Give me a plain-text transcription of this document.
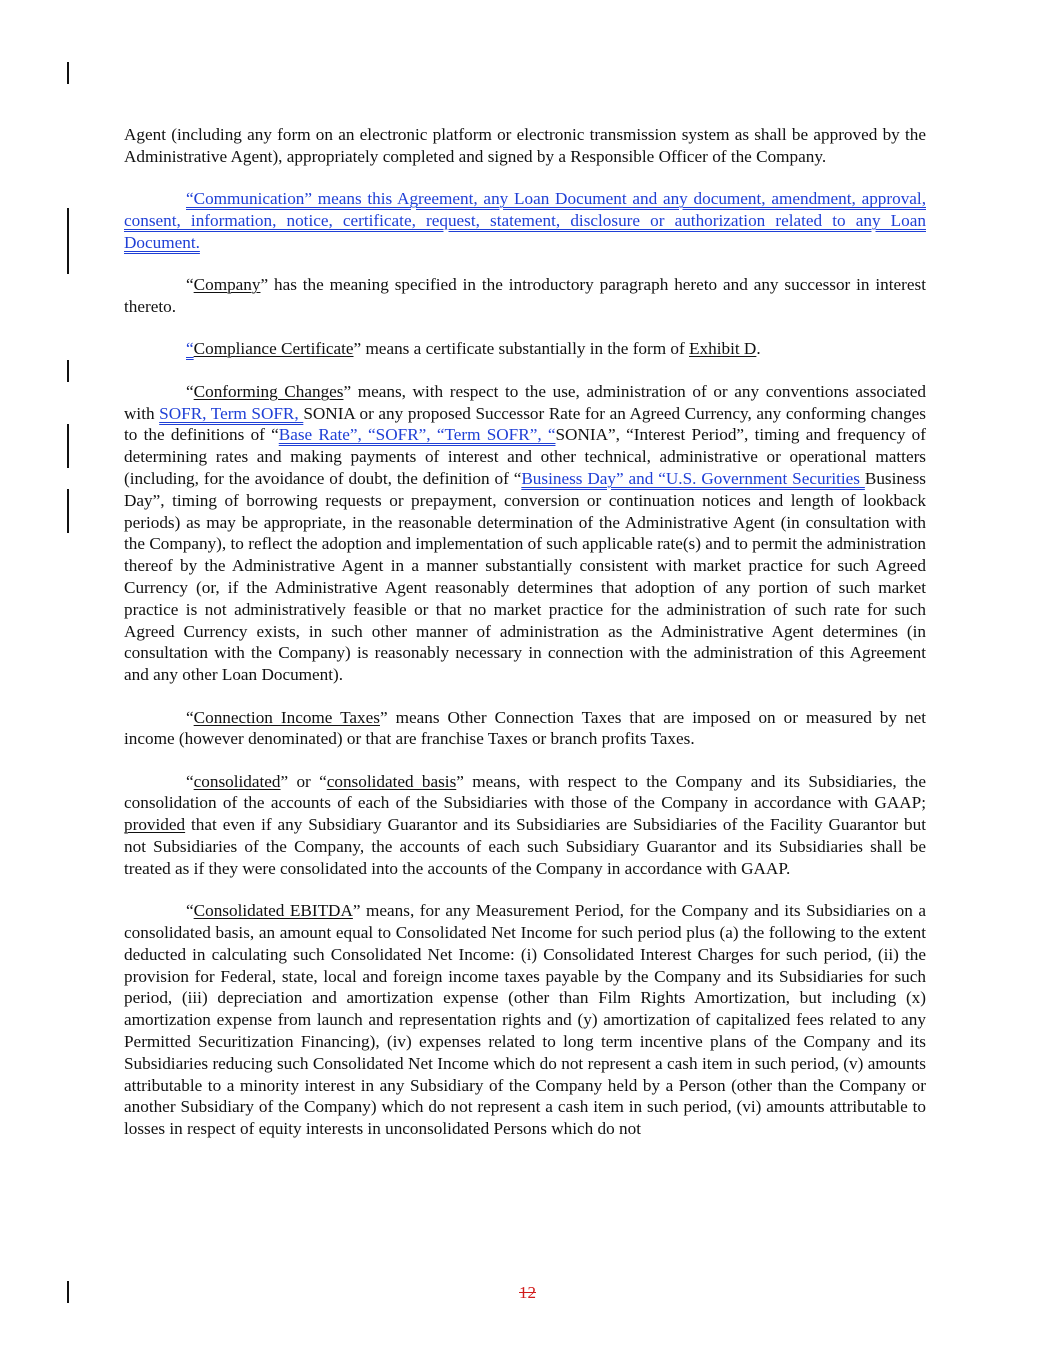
Agent (including any form on an electronic platform or electronic transmission system as shall be approved by the Administrative Agent), appropriately completed and signed by a Responsible Officer of the Company.

“Communication” means this Agreement, any Loan Document and any document, amendment, approval, consent, information, notice, certificate, request, statement, disclosure or authorization related to any Loan Document.

“Company” has the meaning specified in the introductory paragraph hereto and any successor in interest thereto.

“Compliance Certificate” means a certificate substantially in the form of Exhibit D.

“Conforming Changes” means, with respect to the use, administration of or any conventions associated with SOFR, Term SOFR, SONIA or any proposed Successor Rate for an Agreed Currency, any conforming changes to the definitions of “Base Rate”, “SOFR”, “Term SOFR”, “SONIA”, “Interest Period”, timing and frequency of determining rates and making payments of interest and other technical, administrative or operational matters (including, for the avoidance of doubt, the definition of “Business Day” and “U.S. Government Securities Business Day”, timing of borrowing requests or prepayment, conversion or continuation notices and length of lookback periods) as may be appropriate, in the reasonable determination of the Administrative Agent (in consultation with the Company), to reflect the adoption and implementation of such applicable rate(s) and to permit the administration thereof by the Administrative Agent in a manner substantially consistent with market practice for such Agreed Currency (or, if the Administrative Agent reasonably determines that adoption of any portion of such market practice is not administratively feasible or that no market practice for the administration of such rate for such Agreed Currency exists, in such other manner of administration as the Administrative Agent determines (in consultation with the Company) is reasonably necessary in connection with the administration of this Agreement and any other Loan Document).

“Connection Income Taxes” means Other Connection Taxes that are imposed on or measured by net income (however denominated) or that are franchise Taxes or branch profits Taxes.

“consolidated” or “consolidated basis” means, with respect to the Company and its Subsidiaries, the consolidation of the accounts of each of the Subsidiaries with those of the Company in accordance with GAAP; provided that even if any Subsidiary Guarantor and its Subsidiaries are Subsidiaries of the Facility Guarantor but not Subsidiaries of the Company, the accounts of each such Subsidiary Guarantor and its Subsidiaries shall be treated as if they were consolidated into the accounts of the Company in accordance with GAAP.

“Consolidated EBITDA” means, for any Measurement Period, for the Company and its Subsidiaries on a consolidated basis, an amount equal to Consolidated Net Income for such period plus (a) the following to the extent deducted in calculating such Consolidated Net Income: (i) Consolidated Interest Charges for such period, (ii) the provision for Federal, state, local and foreign income taxes payable by the Company and its Subsidiaries for such period, (iii) depreciation and amortization expense (other than Film Rights Amortization, but including (x) amortization expense from launch and representation rights and (y) amortization of capitalized fees related to any Permitted Securitization Financing), (iv) expenses related to long term incentive plans of the Company and its Subsidiaries reducing such Consolidated Net Income which do not represent a cash item in such period, (v) amounts attributable to a minority interest in any Subsidiary of the Company held by a Person (other than the Company or another Subsidiary of the Company) which do not represent a cash item in such period, (vi) amounts attributable to losses in respect of equity interests in unconsolidated Persons which do not

12
